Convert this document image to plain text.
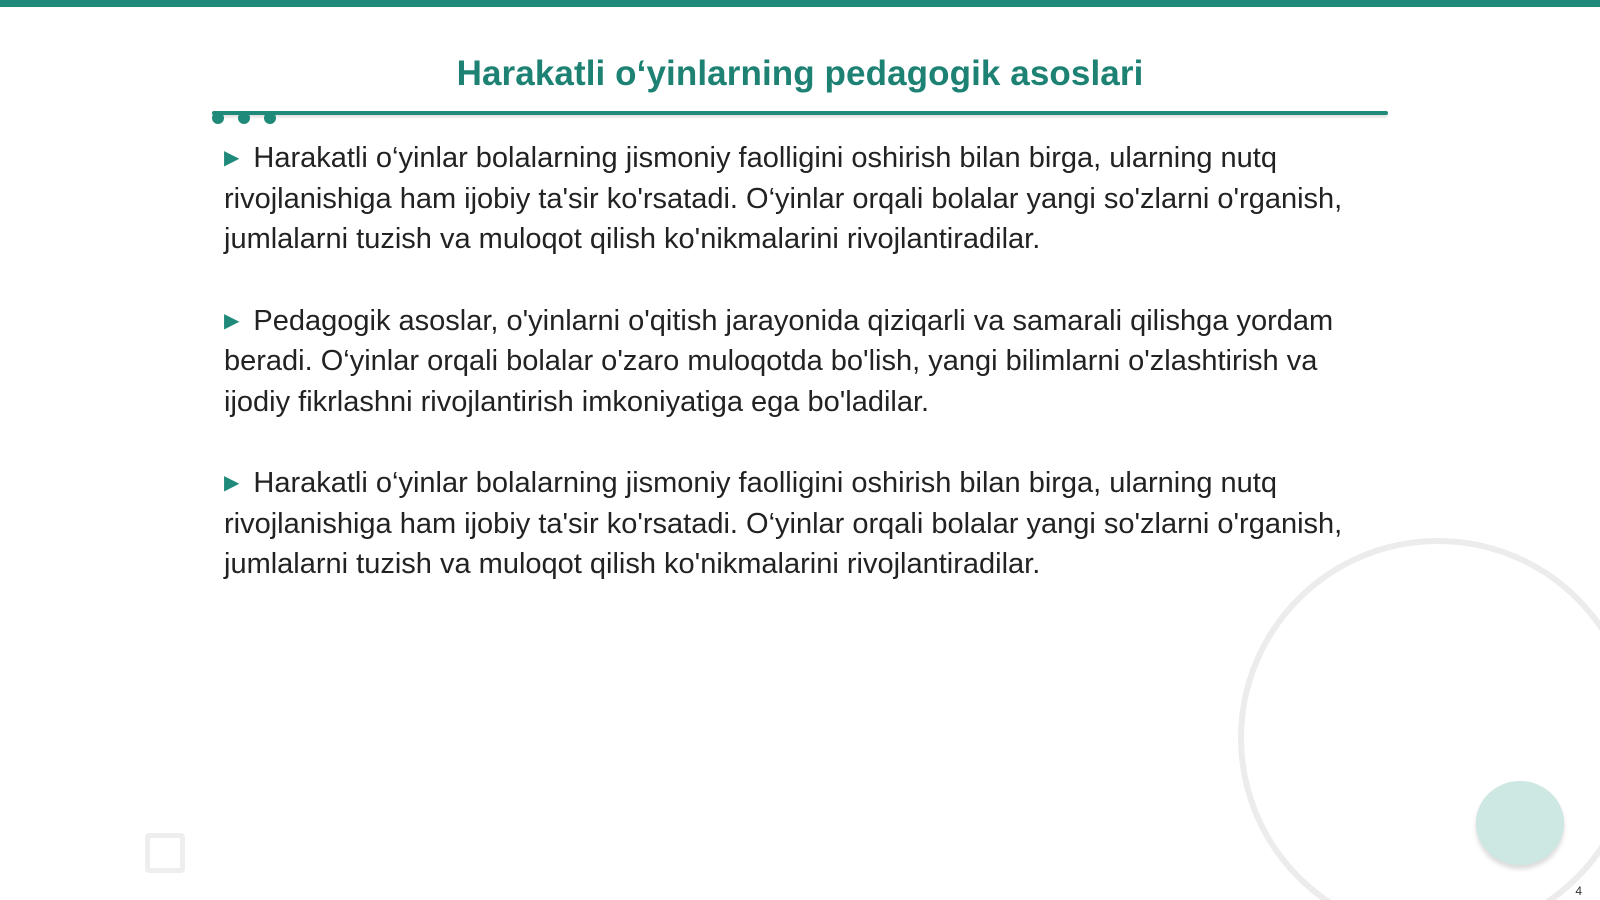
Harakatli o‘yinlarning pedagogik asoslari

▶ Harakatli o‘yinlar bolalarning jismoniy faolligini oshirish bilan birga, ularning nutq rivojlanishiga ham ijobiy ta'sir ko'rsatadi. O‘yinlar orqali bolalar yangi so'zlarni o'rganish, jumlalarni tuzish va muloqot qilish ko'nikmalarini rivojlantiradilar.

▶ Pedagogik asoslar, o'yinlarni o'qitish jarayonida qiziqarli va samarali qilishga yordam beradi. O‘yinlar orqali bolalar o'zaro muloqotda bo'lish, yangi bilimlarni o'zlashtirish va ijodiy fikrlashni rivojlantirish imkoniyatiga ega bo'ladilar.

▶ Harakatli o‘yinlar bolalarning jismoniy faolligini oshirish bilan birga, ularning nutq rivojlanishiga ham ijobiy ta'sir ko'rsatadi. O‘yinlar orqali bolalar yangi so'zlarni o'rganish, jumlalarni tuzish va muloqot qilish ko'nikmalarini rivojlantiradilar.

4
